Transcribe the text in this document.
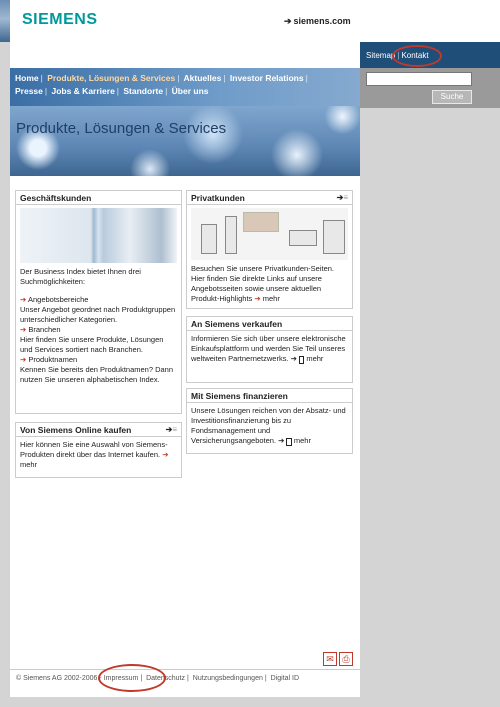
SIEMENS	➔ siemens.com
Home | Produkte, Lösungen & Services | Aktuelles | Investor Relations |
Presse | Jobs & Karriere | Standorte | Über uns
Produkte, Lösungen & Services
Geschäftskunden
Der Business Index bietet Ihnen drei Suchmöglichkeiten:
➔ Angebotsbereiche
Unser Angebot geordnet nach Produktgruppen unterschiedlicher Kategorien.
➔ Branchen
Hier finden Sie unsere Produkte, Lösungen und Services sortiert nach Branchen.
➔ Produktnamen
Kennen Sie bereits den Produktnamen? Dann nutzen Sie unseren alphabetischen Index.
Von Siemens Online kaufen	➔≡
Hier können Sie eine Auswahl von Siemens-Produkten direkt über das Internet kaufen. ➔ mehr
Privatkunden	➔≡
Besuchen Sie unsere Privatkunden-Seiten. Hier finden Sie direkte Links auf unsere Angebotsseiten sowie unsere aktuellen Produkt-Highlights ➔ mehr
An Siemens verkaufen
Informieren Sie sich über unsere elektronische Einkaufsplattform und werden Sie Teil unseres weltweiten Partnernetzwerks. ➔ mehr
Mit Siemens finanzieren
Unsere Lösungen reichen von der Absatz- und Investitionsfinanzierung bis zu Fondsmanagement und Versicherungsangeboten. ➔ mehr
✉ ⎙
© Siemens AG 2002-2006 - Impressum | Datenschutz | Nutzungsbedingungen | Digital ID
Sitemap | Kontakt
Suche
